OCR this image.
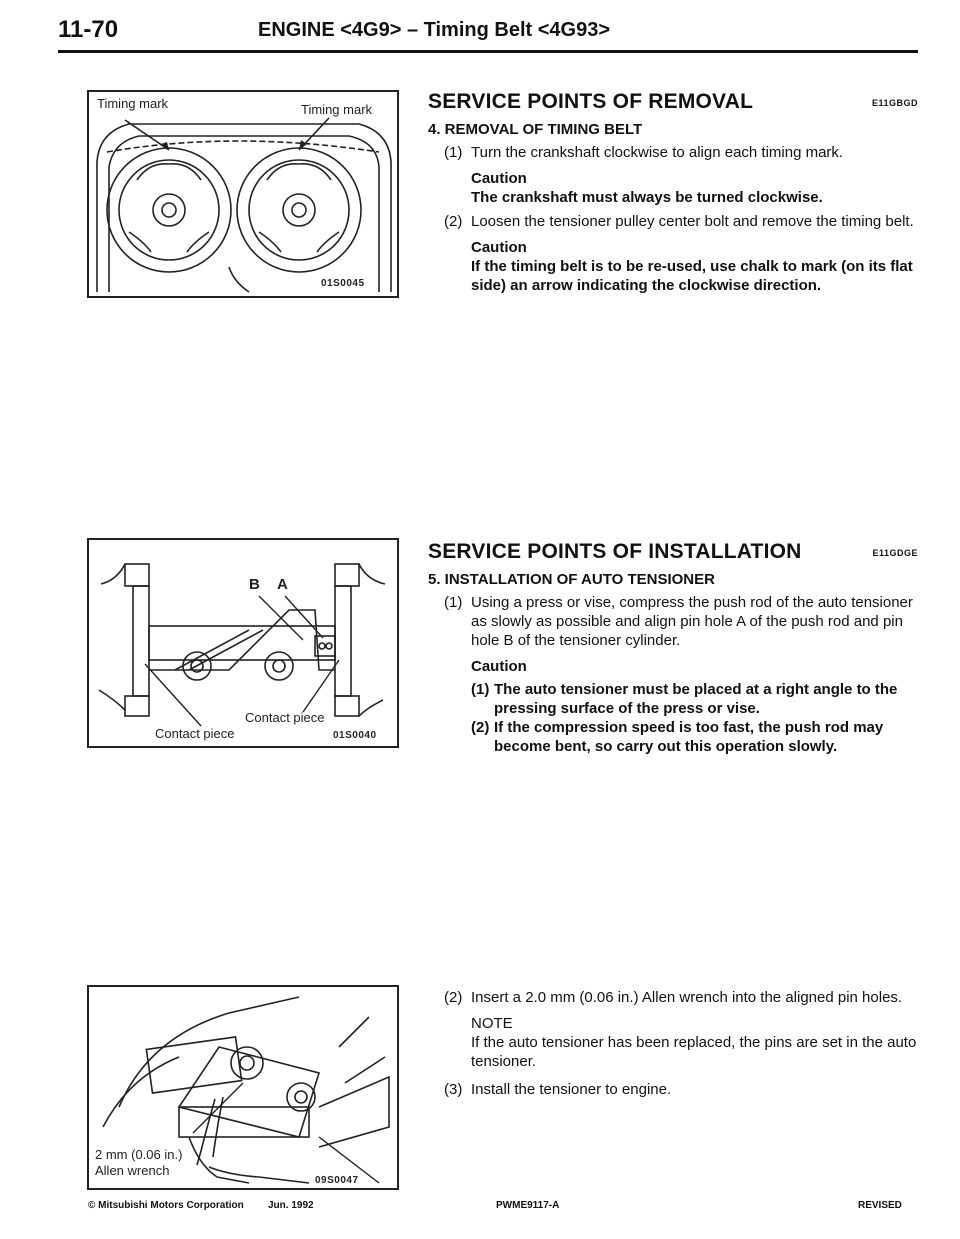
11-70	ENGINE <4G9> – Timing Belt <4G93>
Timing mark	Timing mark
01S0045
B A
Contact piece
Contact piece	01S0040
2 mm (0.06 in.)
Allen wrench
09S0047
SERVICE POINTS OF REMOVAL	E11GBGD
4. REMOVAL OF TIMING BELT
(1) Turn the crankshaft clockwise to align each timing mark.
Caution
The crankshaft must always be turned clockwise.
(2) Loosen the tensioner pulley center bolt and remove the timing belt.
Caution
If the timing belt is to be re-used, use chalk to mark (on its flat side) an arrow indicating the clockwise direction.
SERVICE POINTS OF INSTALLATION	E11GDGE
5. INSTALLATION OF AUTO TENSIONER
(1) Using a press or vise, compress the push rod of the auto tensioner as slowly as possible and align pin hole A of the push rod and pin hole B of the tensioner cylinder.
Caution
(1) The auto tensioner must be placed at a right angle to the pressing surface of the press or vise.
(2) If the compression speed is too fast, the push rod may become bent, so carry out this operation slowly.
(2) Insert a 2.0 mm (0.06 in.) Allen wrench into the aligned pin holes.
NOTE
If the auto tensioner has been replaced, the pins are set in the auto tensioner.
(3) Install the tensioner to engine.
© Mitsubishi Motors Corporation Jun. 1992	PWME9117-A	REVISED
